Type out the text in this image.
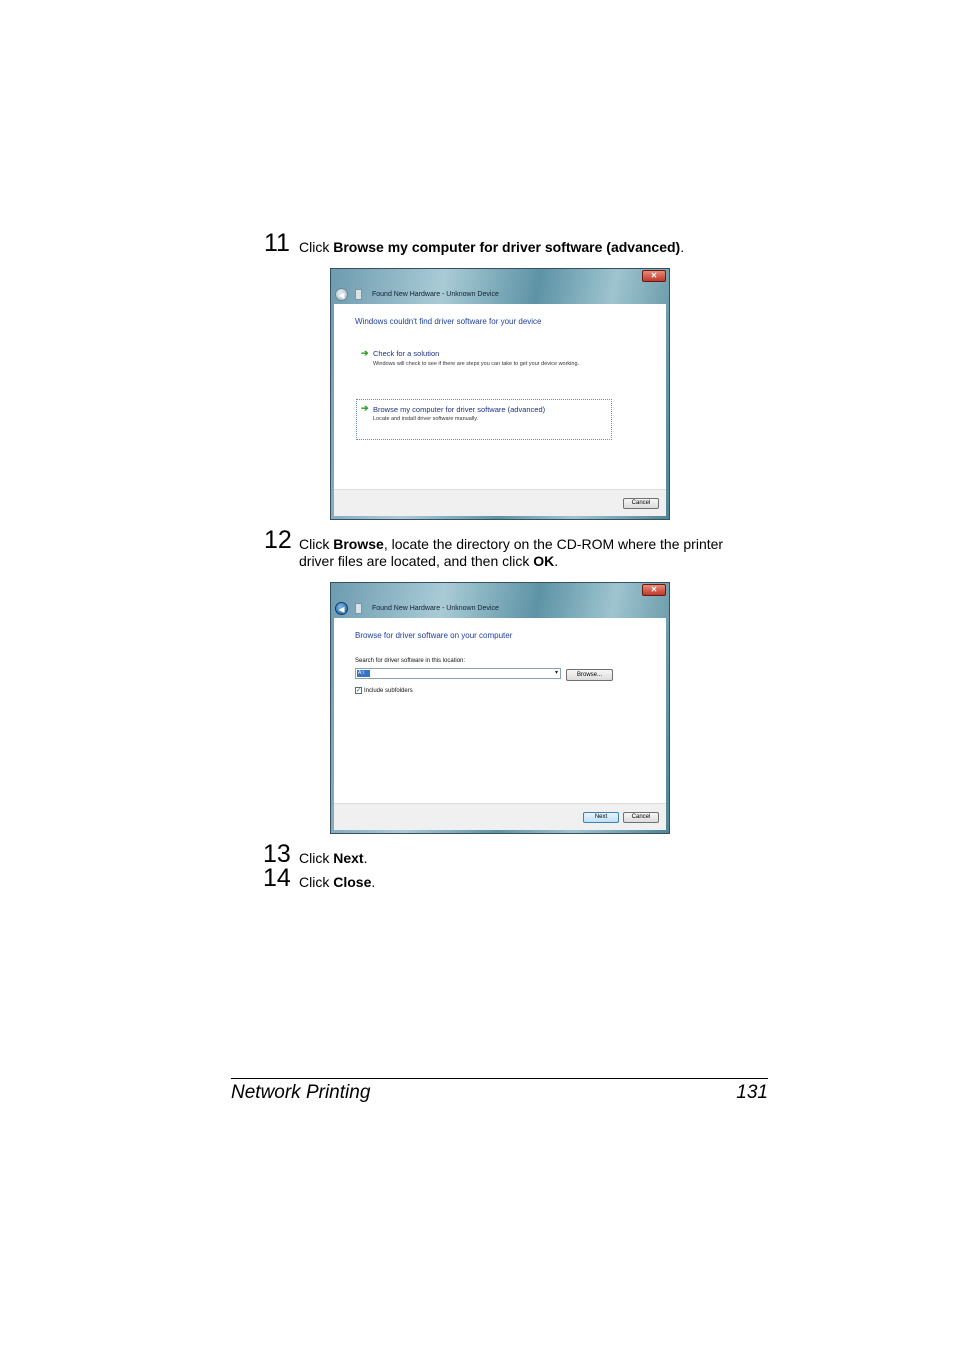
11 Click Browse my computer for driver software (advanced).
✕
◀	Found New Hardware - Unknown Device
Windows couldn't find driver software for your device
➔ Check for a solution
Windows will check to see if there are steps you can take to get your device working.
➔ Browse my computer for driver software (advanced)
Locate and install driver software manually.
Cancel
12 Click Browse, locate the directory on the CD-ROM where the printer driver files are located, and then click OK.
✕
◀	Found New Hardware - Unknown Device
Browse for driver software on your computer
Search for driver software in this location:
A:\	▾	Browse...
✓ Include subfolders
Next	Cancel
13 Click Next.
14 Click Close.
Network Printing	131
